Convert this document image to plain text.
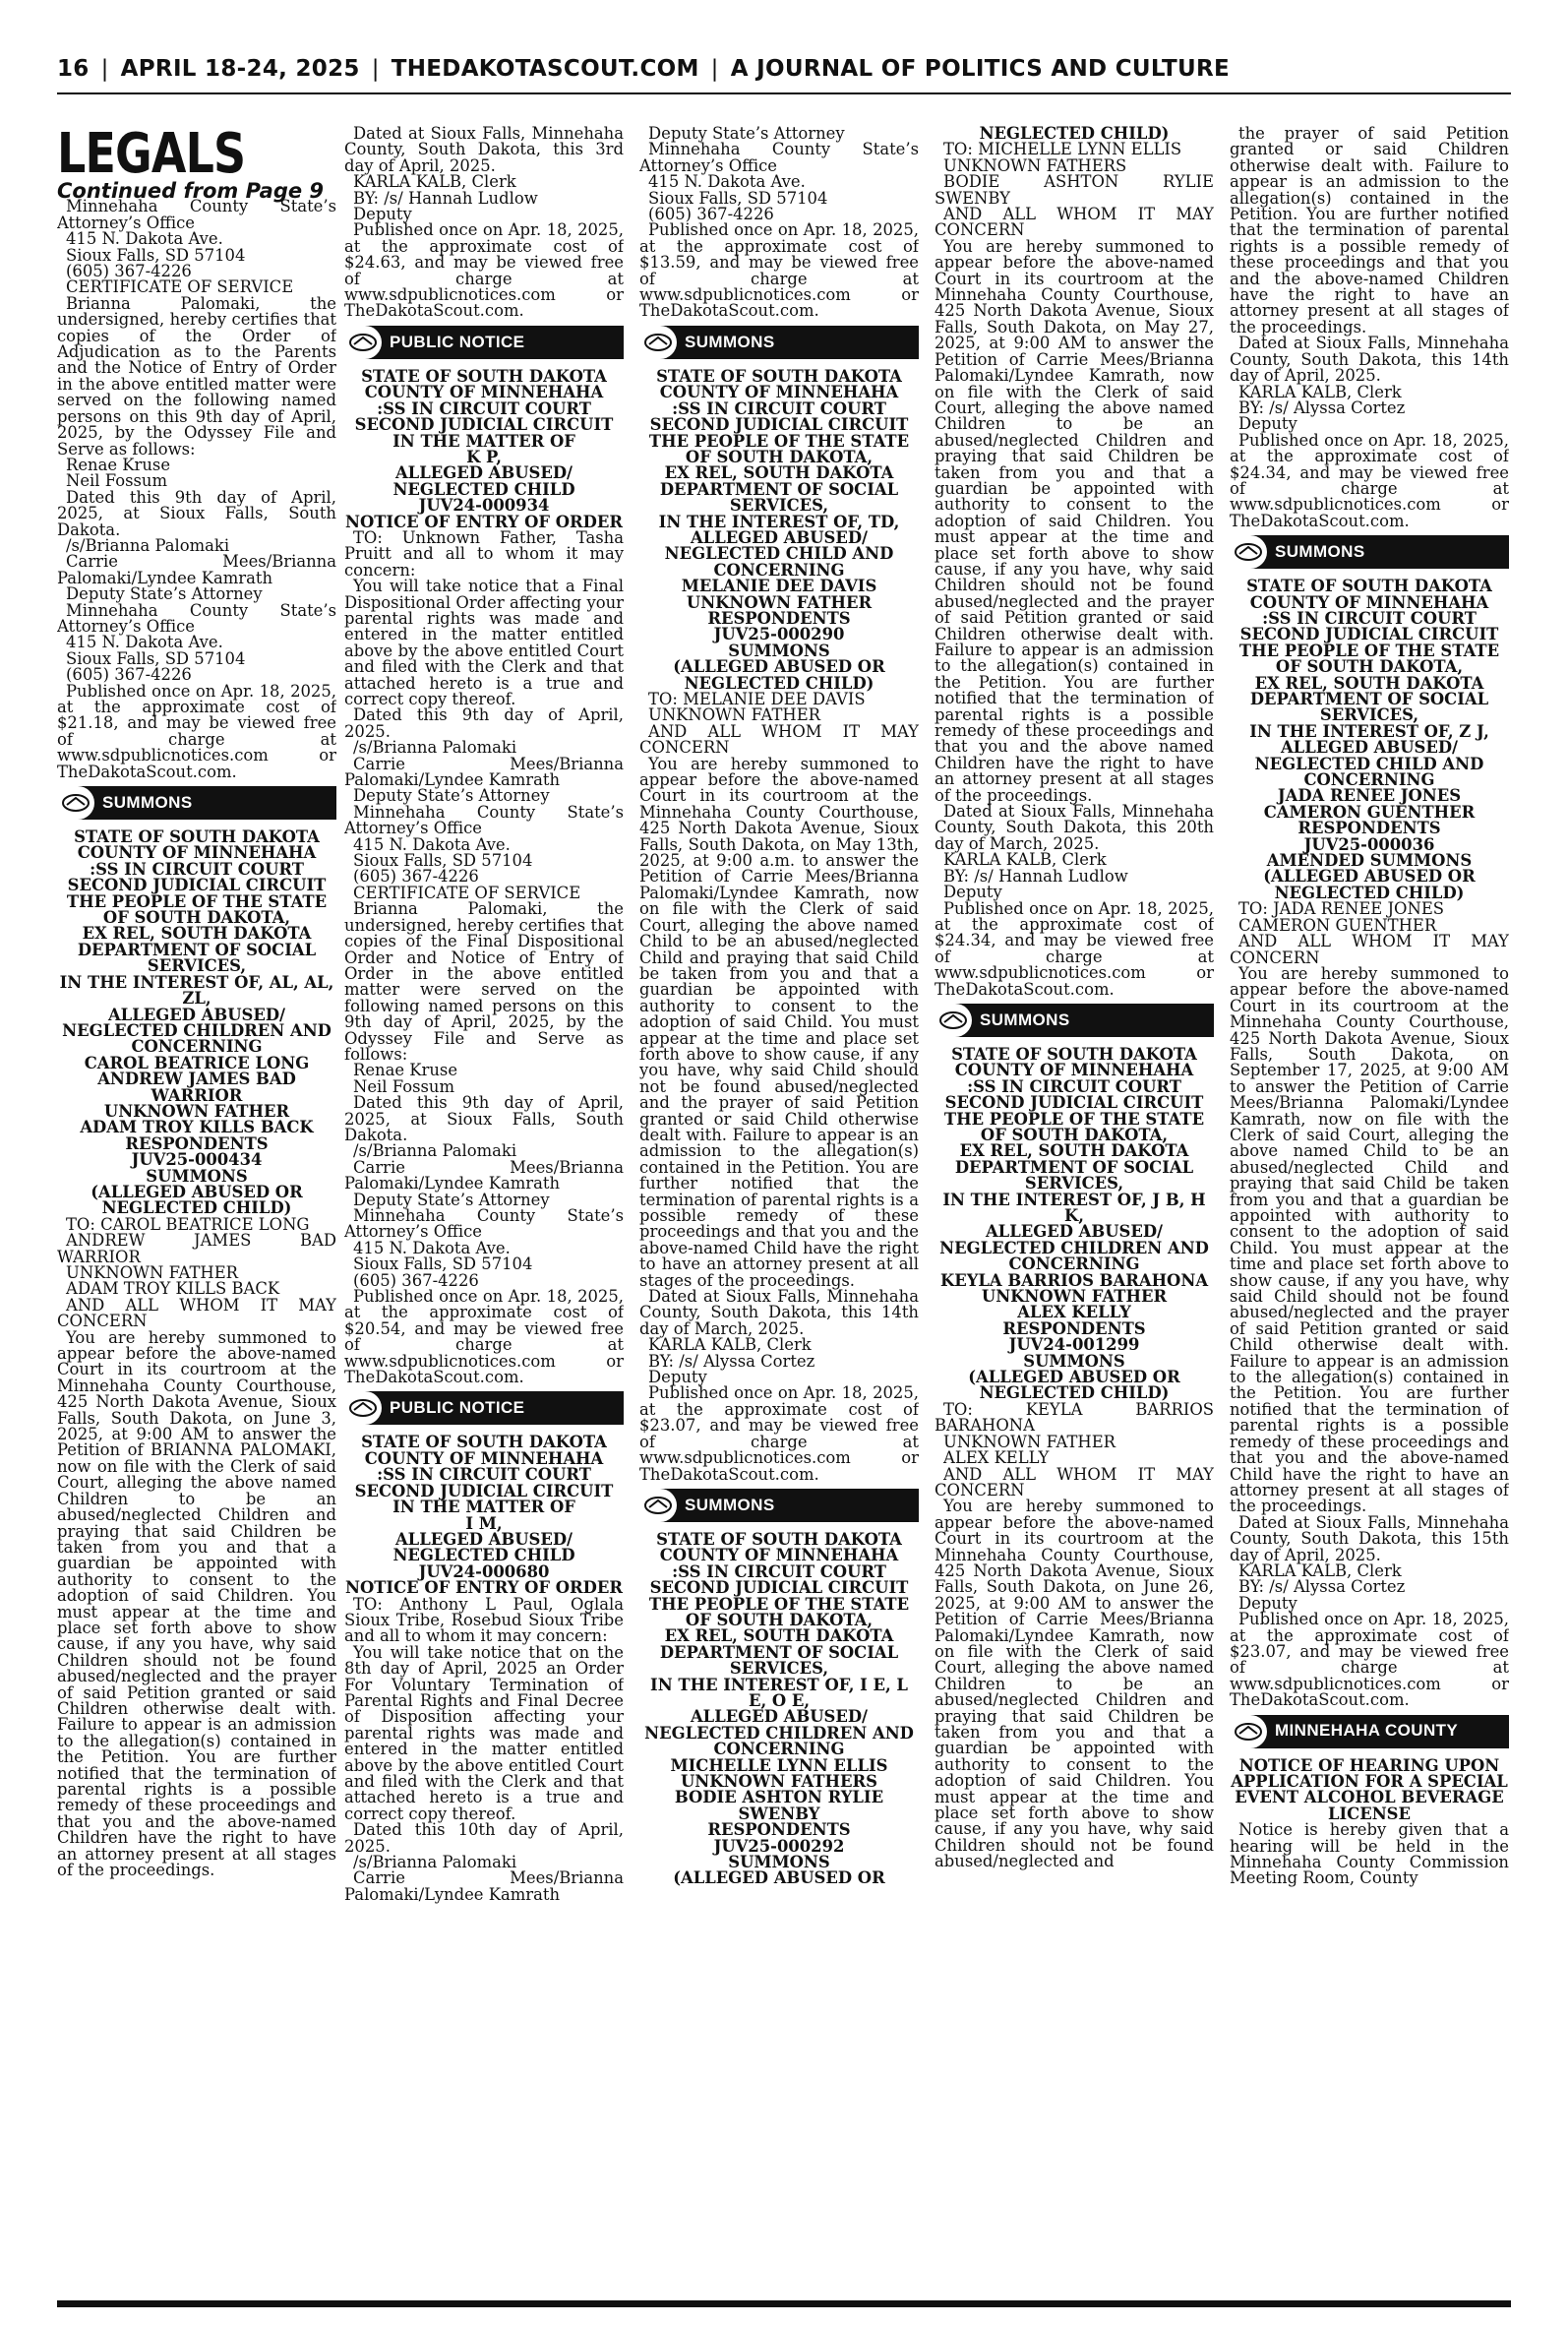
16 | APRIL 18-24, 2025 | THEDAKOTASCOUT.COM | A JOURNAL OF POLITICS AND CULTURE

LEGALS

Continued from Page 9

Minnehaha County State’s Attorney’s Office

415 N. Dakota Ave.

Sioux Falls, SD 57104

(605) 367-4226

CERTIFICATE OF SERVICE

Brianna Palomaki, the undersigned, hereby certifies that copies of the Order of Adjudication as to the Parents and the Notice of Entry of Order in the above entitled matter were served on the following named persons on this 9th day of April, 2025, by the Odyssey File and Serve as follows:

Renae Kruse

Neil Fossum

Dated this 9th day of April, 2025, at Sioux Falls, South Dakota.

/s/Brianna Palomaki

Carrie Mees/Brianna Palomaki/Lyndee Kamrath

Deputy State’s Attorney

Minnehaha County State’s Attorney’s Office

415 N. Dakota Ave.

Sioux Falls, SD 57104

(605) 367-4226

Published once on Apr. 18, 2025, at the approximate cost of $21.18, and may be viewed free of charge at www.sdpublicnotices.com or TheDakotaScout.com.

SUMMONS

STATE OF SOUTH DAKOTA

COUNTY OF MINNEHAHA

:SS IN CIRCUIT COURT

SECOND JUDICIAL CIRCUIT

THE PEOPLE OF THE STATE OF SOUTH DAKOTA,

EX REL, SOUTH DAKOTA DEPARTMENT OF SOCIAL SERVICES,

IN THE INTEREST OF, AL, AL, ZL,

ALLEGED ABUSED/ NEGLECTED CHILDREN AND CONCERNING

CAROL BEATRICE LONG

ANDREW JAMES BAD WARRIOR

UNKNOWN FATHER

ADAM TROY KILLS BACK

RESPONDENTS

JUV25-000434

SUMMONS

(ALLEGED ABUSED OR NEGLECTED CHILD)

TO: CAROL BEATRICE LONG

ANDREW JAMES BAD WARRIOR

UNKNOWN FATHER

ADAM TROY KILLS BACK

AND ALL WHOM IT MAY CONCERN

You are hereby summoned to appear before the above-named Court in its courtroom at the Minnehaha County Courthouse, 425 North Dakota Avenue, Sioux Falls, South Dakota, on June 3, 2025, at 9:00 AM to answer the Petition of BRIANNA PALOMAKI, now on file with the Clerk of said Court, alleging the above named Children to be an abused/neglected Children and praying that said Children be taken from you and that a guardian be appointed with authority to consent to the adoption of said Children. You must appear at the time and place set forth above to show cause, if any you have, why said Children should not be found abused/neglected and the prayer of said Petition granted or said Children otherwise dealt with. Failure to appear is an admission to the allegation(s) contained in the Petition. You are further notified that the termination of parental rights is a possible remedy of these proceedings and that you and the above-named Children have the right to have an attorney present at all stages of the proceedings.

Dated at Sioux Falls, Minnehaha County, South Dakota, this 3rd day of April, 2025.

KARLA KALB, Clerk

BY: /s/ Hannah Ludlow

Deputy

Published once on Apr. 18, 2025, at the approximate cost of $24.63, and may be viewed free of charge at www.sdpublicnotices.com or TheDakotaScout.com.

PUBLIC NOTICE

STATE OF SOUTH DAKOTA

COUNTY OF MINNEHAHA

:SS IN CIRCUIT COURT

SECOND JUDICIAL CIRCUIT

IN THE MATTER OF

K P,

ALLEGED ABUSED/ NEGLECTED CHILD

JUV24-000934

NOTICE OF ENTRY OF ORDER

TO: Unknown Father, Tasha Pruitt and all to whom it may concern:

You will take notice that a Final Dispositional Order affecting your parental rights was made and entered in the matter entitled above by the above entitled Court and filed with the Clerk and that attached hereto is a true and correct copy thereof.

Dated this 9th day of April, 2025.

/s/Brianna Palomaki

Carrie Mees/Brianna Palomaki/Lyndee Kamrath

Deputy State’s Attorney

Minnehaha County State’s Attorney’s Office

415 N. Dakota Ave.

Sioux Falls, SD 57104

(605) 367-4226

CERTIFICATE OF SERVICE

Brianna Palomaki, the undersigned, hereby certifies that copies of the Final Dispositional Order and Notice of Entry of Order in the above entitled matter were served on the following named persons on this 9th day of April, 2025, by the Odyssey File and Serve as follows:

Renae Kruse

Neil Fossum

Dated this 9th day of April, 2025, at Sioux Falls, South Dakota.

/s/Brianna Palomaki

Carrie Mees/Brianna Palomaki/Lyndee Kamrath

Deputy State’s Attorney

Minnehaha County State’s Attorney’s Office

415 N. Dakota Ave.

Sioux Falls, SD 57104

(605) 367-4226

Published once on Apr. 18, 2025, at the approximate cost of $20.54, and may be viewed free of charge at www.sdpublicnotices.com or TheDakotaScout.com.

PUBLIC NOTICE

STATE OF SOUTH DAKOTA

COUNTY OF MINNEHAHA

:SS IN CIRCUIT COURT

SECOND JUDICIAL CIRCUIT

IN THE MATTER OF

I M,

ALLEGED ABUSED/ NEGLECTED CHILD

JUV24-000680

NOTICE OF ENTRY OF ORDER

TO: Anthony L Paul, Oglala Sioux Tribe, Rosebud Sioux Tribe and all to whom it may concern:

You will take notice that on the 8th day of April, 2025 an Order For Voluntary Termination of Parental Rights and Final Decree of Disposition affecting your parental rights was made and entered in the matter entitled above by the above entitled Court and filed with the Clerk and that attached hereto is a true and correct copy thereof.

Dated this 10th day of April, 2025.

/s/Brianna Palomaki

Carrie Mees/Brianna Palomaki/Lyndee Kamrath

Deputy State’s Attorney

Minnehaha County State’s Attorney’s Office

415 N. Dakota Ave.

Sioux Falls, SD 57104

(605) 367-4226

Published once on Apr. 18, 2025, at the approximate cost of $13.59, and may be viewed free of charge at www.sdpublicnotices.com or TheDakotaScout.com.

SUMMONS

STATE OF SOUTH DAKOTA

COUNTY OF MINNEHAHA

:SS IN CIRCUIT COURT

SECOND JUDICIAL CIRCUIT

THE PEOPLE OF THE STATE OF SOUTH DAKOTA,

EX REL, SOUTH DAKOTA DEPARTMENT OF SOCIAL SERVICES,

IN THE INTEREST OF, TD,

ALLEGED ABUSED/ NEGLECTED CHILD AND CONCERNING

MELANIE DEE DAVIS

UNKNOWN FATHER

RESPONDENTS

JUV25-000290

SUMMONS

(ALLEGED ABUSED OR NEGLECTED CHILD)

TO: MELANIE DEE DAVIS

UNKNOWN FATHER

AND ALL WHOM IT MAY CONCERN

You are hereby summoned to appear before the above-named Court in its courtroom at the Minnehaha County Courthouse, 425 North Dakota Avenue, Sioux Falls, South Dakota, on May 13th, 2025, at 9:00 a.m. to answer the Petition of Carrie Mees/Brianna Palomaki/Lyndee Kamrath, now on file with the Clerk of said Court, alleging the above named Child to be an abused/neglected Child and praying that said Child be taken from you and that a guardian be appointed with authority to consent to the adoption of said Child. You must appear at the time and place set forth above to show cause, if any you have, why said Child should not be found abused/neglected and the prayer of said Petition granted or said Child otherwise dealt with. Failure to appear is an admission to the allegation(s) contained in the Petition. You are further notified that the termination of parental rights is a possible remedy of these proceedings and that you and the above-named Child have the right to have an attorney present at all stages of the proceedings.

Dated at Sioux Falls, Minnehaha County, South Dakota, this 14th day of March, 2025.

KARLA KALB, Clerk

BY: /s/ Alyssa Cortez

Deputy

Published once on Apr. 18, 2025, at the approximate cost of $23.07, and may be viewed free of charge at www.sdpublicnotices.com or TheDakotaScout.com.

SUMMONS

STATE OF SOUTH DAKOTA

COUNTY OF MINNEHAHA

:SS IN CIRCUIT COURT

SECOND JUDICIAL CIRCUIT

THE PEOPLE OF THE STATE OF SOUTH DAKOTA,

EX REL, SOUTH DAKOTA DEPARTMENT OF SOCIAL SERVICES,

IN THE INTEREST OF, I E, L E, O E,

ALLEGED ABUSED/ NEGLECTED CHILDREN AND CONCERNING

MICHELLE LYNN ELLIS

UNKNOWN FATHERS

BODIE ASHTON RYLIE SWENBY

RESPONDENTS

JUV25-000292

SUMMONS

(ALLEGED ABUSED OR

NEGLECTED CHILD)

TO: MICHELLE LYNN ELLIS

UNKNOWN FATHERS

BODIE ASHTON RYLIE SWENBY

AND ALL WHOM IT MAY CONCERN

You are hereby summoned to appear before the above-named Court in its courtroom at the Minnehaha County Courthouse, 425 North Dakota Avenue, Sioux Falls, South Dakota, on May 27, 2025, at 9:00 AM to answer the Petition of Carrie Mees/Brianna Palomaki/Lyndee Kamrath, now on file with the Clerk of said Court, alleging the above named Children to be an abused/neglected Children and praying that said Children be taken from you and that a guardian be appointed with authority to consent to the adoption of said Children. You must appear at the time and place set forth above to show cause, if any you have, why said Children should not be found abused/neglected and the prayer of said Petition granted or said Children otherwise dealt with. Failure to appear is an admission to the allegation(s) contained in the Petition. You are further notified that the termination of parental rights is a possible remedy of these proceedings and that you and the above named Children have the right to have an attorney present at all stages of the proceedings.

Dated at Sioux Falls, Minnehaha County, South Dakota, this 20th day of March, 2025.

KARLA KALB, Clerk

BY: /s/ Hannah Ludlow

Deputy

Published once on Apr. 18, 2025, at the approximate cost of $24.34, and may be viewed free of charge at www.sdpublicnotices.com or TheDakotaScout.com.

SUMMONS

STATE OF SOUTH DAKOTA

COUNTY OF MINNEHAHA

:SS IN CIRCUIT COURT

SECOND JUDICIAL CIRCUIT

THE PEOPLE OF THE STATE OF SOUTH DAKOTA,

EX REL, SOUTH DAKOTA DEPARTMENT OF SOCIAL SERVICES,

IN THE INTEREST OF, J B, H K,

ALLEGED ABUSED/ NEGLECTED CHILDREN AND CONCERNING

KEYLA BARRIOS BARAHONA

UNKNOWN FATHER

ALEX KELLY

RESPONDENTS

JUV24-001299

SUMMONS

(ALLEGED ABUSED OR NEGLECTED CHILD)

TO: KEYLA BARRIOS BARAHONA

UNKNOWN FATHER

ALEX KELLY

AND ALL WHOM IT MAY CONCERN

You are hereby summoned to appear before the above-named Court in its courtroom at the Minnehaha County Courthouse, 425 North Dakota Avenue, Sioux Falls, South Dakota, on June 26, 2025, at 9:00 AM to answer the Petition of Carrie Mees/Brianna Palomaki/Lyndee Kamrath, now on file with the Clerk of said Court, alleging the above named Children to be an abused/neglected Children and praying that said Children be taken from you and that a guardian be appointed with authority to consent to the adoption of said Children. You must appear at the time and place set forth above to show cause, if any you have, why said Children should not be found abused/neglected and

the prayer of said Petition granted or said Children otherwise dealt with. Failure to appear is an admission to the allegation(s) contained in the Petition. You are further notified that the termination of parental rights is a possible remedy of these proceedings and that you and the above-named Children have the right to have an attorney present at all stages of the proceedings.

Dated at Sioux Falls, Minnehaha County, South Dakota, this 14th day of April, 2025.

KARLA KALB, Clerk

BY: /s/ Alyssa Cortez

Deputy

Published once on Apr. 18, 2025, at the approximate cost of $24.34, and may be viewed free of charge at www.sdpublicnotices.com or TheDakotaScout.com.

SUMMONS

STATE OF SOUTH DAKOTA

COUNTY OF MINNEHAHA

:SS IN CIRCUIT COURT

SECOND JUDICIAL CIRCUIT

THE PEOPLE OF THE STATE OF SOUTH DAKOTA,

EX REL, SOUTH DAKOTA DEPARTMENT OF SOCIAL SERVICES,

IN THE INTEREST OF, Z J,

ALLEGED ABUSED/ NEGLECTED CHILD AND CONCERNING

JADA RENEE JONES

CAMERON GUENTHER

RESPONDENTS

JUV25-000036

AMENDED SUMMONS

(ALLEGED ABUSED OR NEGLECTED CHILD)

TO: JADA RENEE JONES

CAMERON GUENTHER

AND ALL WHOM IT MAY CONCERN

You are hereby summoned to appear before the above-named Court in its courtroom at the Minnehaha County Courthouse, 425 North Dakota Avenue, Sioux Falls, South Dakota, on September 17, 2025, at 9:00 AM to answer the Petition of Carrie Mees/Brianna Palomaki/Lyndee Kamrath, now on file with the Clerk of said Court, alleging the above named Child to be an abused/neglected Child and praying that said Child be taken from you and that a guardian be appointed with authority to consent to the adoption of said Child. You must appear at the time and place set forth above to show cause, if any you have, why said Child should not be found abused/neglected and the prayer of said Petition granted or said Child otherwise dealt with. Failure to appear is an admission to the allegation(s) contained in the Petition. You are further notified that the termination of parental rights is a possible remedy of these proceedings and that you and the above-named Child have the right to have an attorney present at all stages of the proceedings.

Dated at Sioux Falls, Minnehaha County, South Dakota, this 15th day of April, 2025.

KARLA KALB, Clerk

BY: /s/ Alyssa Cortez

Deputy

Published once on Apr. 18, 2025, at the approximate cost of $23.07, and may be viewed free of charge at www.sdpublicnotices.com or TheDakotaScout.com.

MINNEHAHA COUNTY

NOTICE OF HEARING UPON APPLICATION FOR A SPECIAL EVENT ALCOHOL BEVERAGE LICENSE

Notice is hereby given that a hearing will be held in the Minnehaha County Commission Meeting Room, County
